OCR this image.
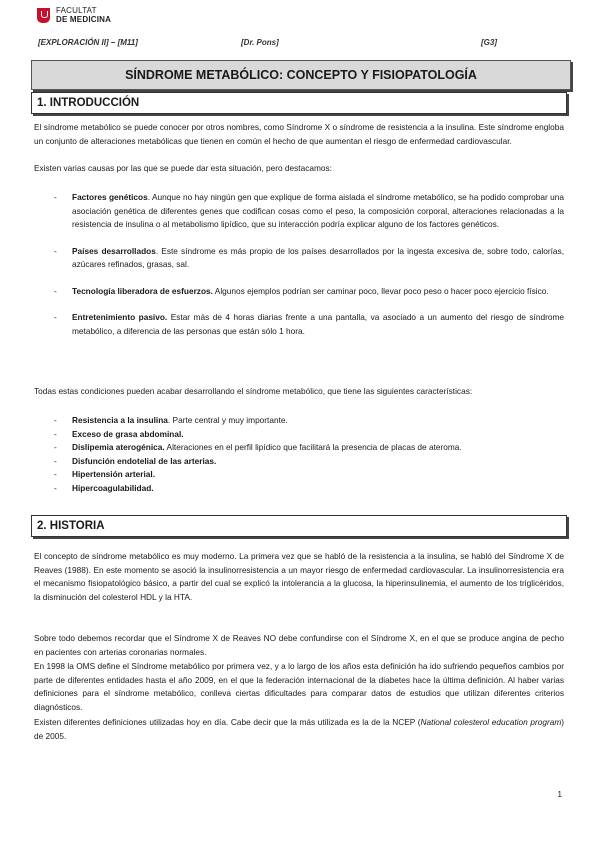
FACULTAT
DE MEDICINA
[EXPLORACIÓN II] – [M11]	[Dr. Pons]	[G3]
SÍNDROME METABÓLICO: CONCEPTO Y FISIOPATOLOGÍA
1. INTRODUCCIÓN

El síndrome metabólico se puede conocer por otros nombres, como Síndrome X o síndrome de resistencia a la insulina. Este síndrome engloba un conjunto de alteraciones metabólicas que tienen en común el hecho de que aumentan el riesgo de enfermedad cardiovascular.

Existen varias causas por las que se puede dar esta situación, pero destacamos:

- Factores genéticos. Aunque no hay ningún gen que explique de forma aislada el síndrome metabólico, se ha podido comprobar una asociación genética de diferentes genes que codifican cosas como el peso, la composición corporal, alteraciones relacionadas a la resistencia de insulina o al metabolismo lipídico, que su interacción podría explicar alguno de los factores genéticos.
- Países desarrollados. Este síndrome es más propio de los países desarrollados por la ingesta excesiva de, sobre todo, calorías, azúcares refinados, grasas, sal.
- Tecnología liberadora de esfuerzos. Algunos ejemplos podrían ser caminar poco, llevar poco peso o hacer poco ejercicio físico.
- Entretenimiento pasivo. Estar más de 4 horas diarias frente a una pantalla, va asociado a un aumento del riesgo de síndrome metabólico, a diferencia de las personas que están sólo 1 hora.

Todas estas condiciones pueden acabar desarrollando el síndrome metabólico, que tiene las siguientes características:

- Resistencia a la insulina. Parte central y muy importante.
- Exceso de grasa abdominal.
- Dislipemia aterogénica. Alteraciones en el perfil lipídico que facilitará la presencia de placas de ateroma.
- Disfunción endotelial de las arterias.
- Hipertensión arterial.
- Hipercoagulabilidad.
2. HISTORIA

El concepto de síndrome metabólico es muy moderno. La primera vez que se habló de la resistencia a la insulina, se habló del Síndrome X de Reaves (1988). En este momento se asoció la insulinorresistencia a un mayor riesgo de enfermedad cardiovascular. La insulinorresistencia era el mecanismo fisiopatológico básico, a partir del cual se explicó la intolerancia a la glucosa, la hiperinsulinemia, el aumento de los triglicéridos, la disminución del colesterol HDL y la HTA.

Sobre todo debemos recordar que el Síndrome X de Reaves NO debe confundirse con el Síndrome X, en el que se produce angina de pecho en pacientes con arterias coronarias normales.

En 1998 la OMS define el Síndrome metabólico por primera vez, y a lo largo de los años esta definición ha ido sufriendo pequeños cambios por parte de diferentes entidades hasta el año 2009, en el que la federación internacional de la diabetes hace la última definición. Al haber varias definiciones para el síndrome metabólico, conlleva ciertas dificultades para comparar datos de estudios que utilizan diferentes criterios diagnósticos.

Existen diferentes definiciones utilizadas hoy en día. Cabe decir que la más utilizada es la de la NCEP (National colesterol education program) de 2005.

1
